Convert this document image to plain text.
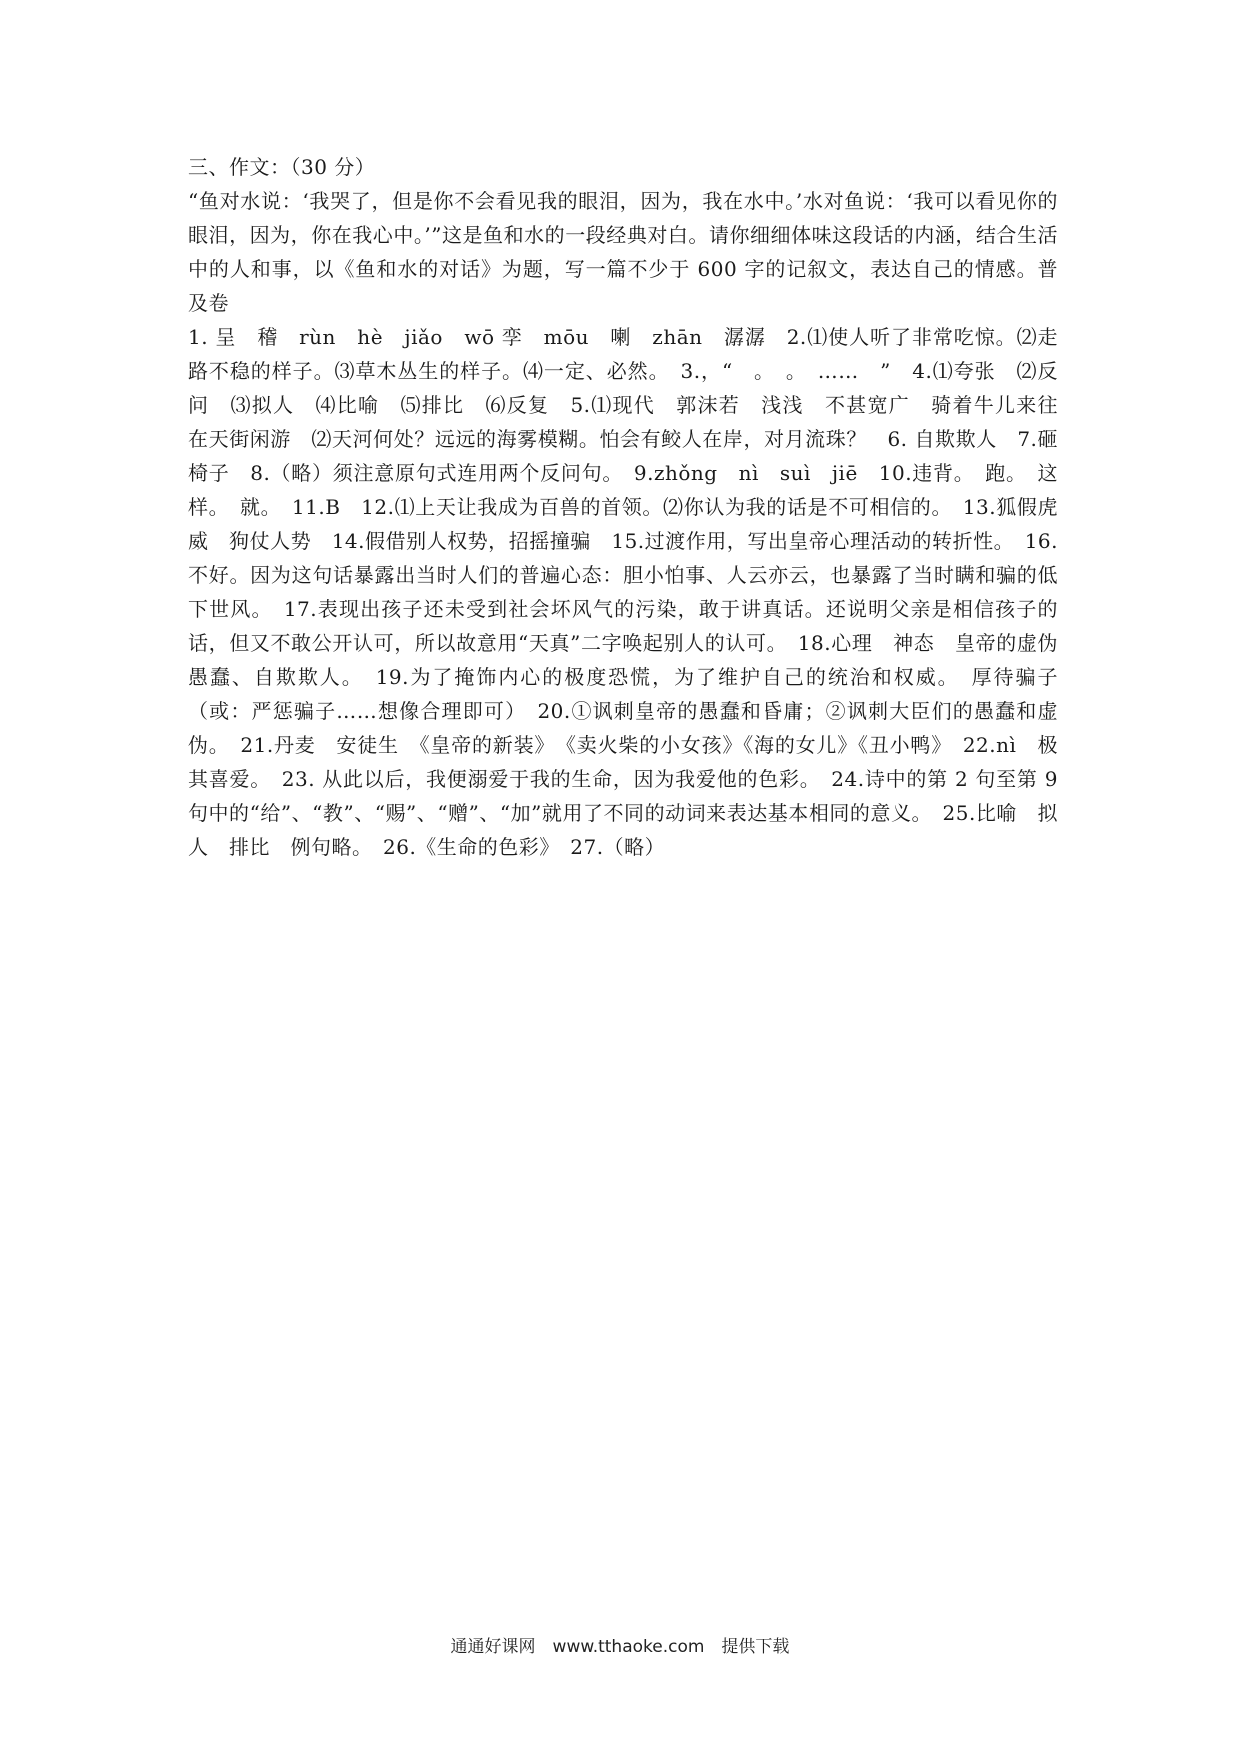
三、作文：（30 分）

“鱼对水说：‘我哭了，但是你不会看见我的眼泪，因为，我在水中。’水对鱼说：‘我可以看见你的眼泪，因为，你在我心中。’”这是鱼和水的一段经典对白。请你细细体味这段话的内涵，结合生活中的人和事，以《鱼和水的对话》为题，写一篇不少于 600 字的记叙文，表达自己的情感。普及卷

1. 呈　稽　rùn　hè　jiǎo　wō 孪　mōu　喇　zhān　潺潺　2.⑴使人听了非常吃惊。⑵走路不稳的样子。⑶草木丛生的样子。⑷一定、必然。　3.，“　。　。　……　”　4.⑴夸张　⑵反问　⑶拟人　⑷比喻　⑸排比　⑹反复　5.⑴现代　郭沫若　浅浅　不甚宽广　骑着牛儿来往　在天街闲游　⑵天河何处？远远的海雾模糊。怕会有鲛人在岸，对月流珠？　6. 自欺欺人　7.砸　椅子　8.（略）须注意原句式连用两个反问句。　9.zhǒng　nì　suì　jiē　10.违背。　跑。　这样。　就。　11.B　12.⑴上天让我成为百兽的首领。⑵你认为我的话是不可相信的。　13.狐假虎威　狗仗人势　14.假借别人权势，招摇撞骗　15.过渡作用，写出皇帝心理活动的转折性。　16.不好。因为这句话暴露出当时人们的普遍心态：胆小怕事、人云亦云，也暴露了当时瞒和骗的低下世风。　17.表现出孩子还未受到社会坏风气的污染，敢于讲真话。还说明父亲是相信孩子的话，但又不敢公开认可，所以故意用“天真”二字唤起别人的认可。　18.心理　神态　皇帝的虚伪愚蠢、自欺欺人。　19.为了掩饰内心的极度恐慌，为了维护自己的统治和权威。　厚待骗子（或：严惩骗子……想像合理即可）　20.①讽刺皇帝的愚蠢和昏庸；②讽刺大臣们的愚蠢和虚伪。　21.丹麦　安徒生　《皇帝的新装》　《卖火柴的小女孩》《海的女儿》《丑小鸭》　22.nì　极其喜爱。　23. 从此以后，我便溺爱于我的生命，因为我爱他的色彩。　24.诗中的第 2 句至第 9 句中的“给”、“教”、“赐”、“赠”、“加”就用了不同的动词来表达基本相同的意义。　25.比喻　拟人　排比　例句略。　26.《生命的色彩》　27.（略）

通通好课网　www.tthaoke.com　提供下载
